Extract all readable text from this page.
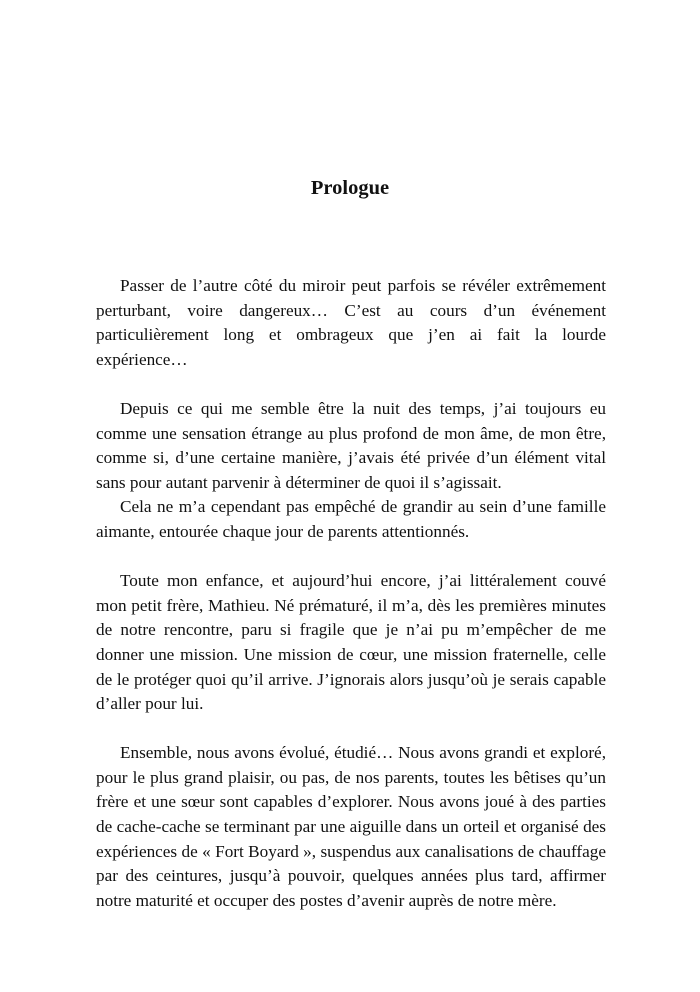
Prologue

Passer de l’autre côté du miroir peut parfois se révéler extrêmement perturbant, voire dangereux… C’est au cours d’un événement particulièrement long et ombrageux que j’en ai fait la lourde expérience…

Depuis ce qui me semble être la nuit des temps, j’ai toujours eu comme une sensation étrange au plus profond de mon âme, de mon être, comme si, d’une certaine manière, j’avais été privée d’un élément vital sans pour autant parvenir à déterminer de quoi il s’agissait.

Cela ne m’a cependant pas empêché de grandir au sein d’une famille aimante, entourée chaque jour de parents attentionnés.

Toute mon enfance, et aujourd’hui encore, j’ai littéralement couvé mon petit frère, Mathieu. Né prématuré, il m’a, dès les premières minutes de notre rencontre, paru si fragile que je n’ai pu m’empêcher de me donner une mission. Une mission de cœur, une mission fraternelle, celle de le protéger quoi qu’il arrive. J’ignorais alors jusqu’où je serais capable d’aller pour lui.

Ensemble, nous avons évolué, étudié… Nous avons grandi et exploré, pour le plus grand plaisir, ou pas, de nos parents, toutes les bêtises qu’un frère et une sœur sont capables d’explorer. Nous avons joué à des parties de cache-cache se terminant par une aiguille dans un orteil et organisé des expériences de « Fort Boyard », suspendus aux canalisations de chauffage par des ceintures, jusqu’à pouvoir, quelques années plus tard, affirmer notre maturité et occuper des postes d’avenir auprès de notre mère.
